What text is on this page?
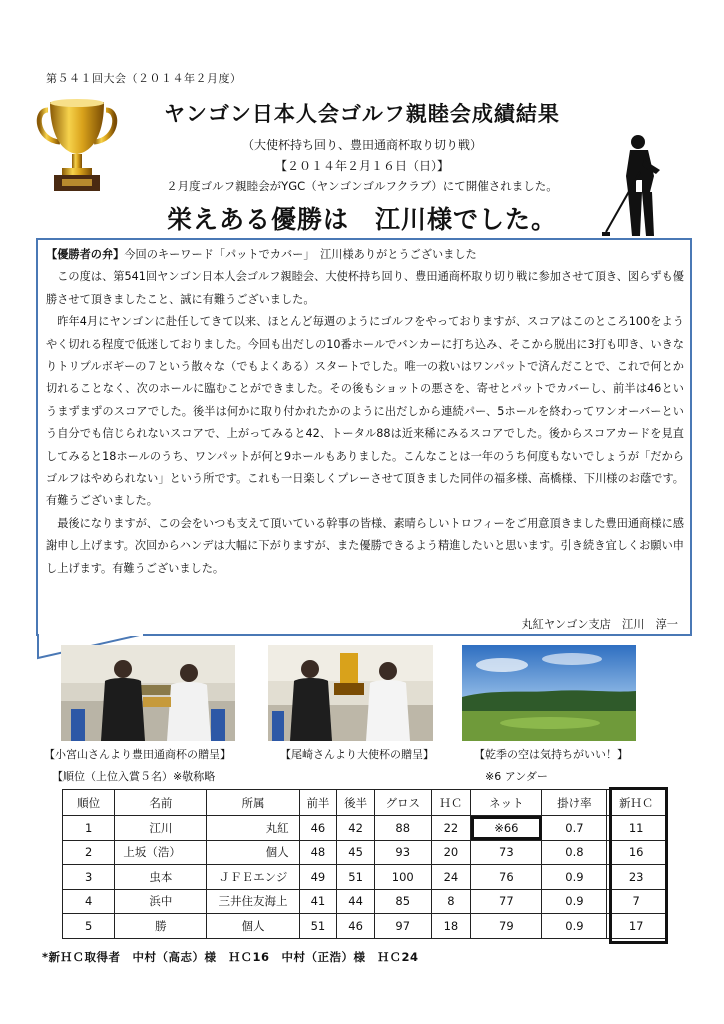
第５４１回大会（２０１４年２月度）
ヤンゴン日本人会ゴルフ親睦会成績結果
（大使杯持ち回り、豊田通商杯取り切り戦）
【２０１４年２月１６日（日）】
２月度ゴルフ親睦会がYGC（ヤンゴンゴルフクラブ）にて開催されました。
栄えある優勝は　江川様でした。

【優勝者の弁】今回のキーワード「パットでカバー」　江川様ありがとうございました

この度は、第541回ヤンゴン日本人会ゴルフ親睦会、大使杯持ち回り、豊田通商杯取り切り戦に参加させて頂き、図らずも優勝させて頂きましたこと、誠に有難うございました。

昨年4月にヤンゴンに赴任してきて以来、ほとんど毎週のようにゴルフをやっておりますが、スコアはこのところ100をようやく切れる程度で低迷しておりました。今回も出だしの10番ホールでバンカーに打ち込み、そこから脱出に3打も叩き、いきなりトリプルボギーの７という散々な（でもよくある）スタートでした。唯一の救いはワンパットで済んだことで、これで何とか切れることなく、次のホールに臨むことができました。その後もショットの悪さを、寄せとパットでカバーし、前半は46というまずまずのスコアでした。後半は何かに取り付かれたかのように出だしから連続パー、5ホールを終わってワンオーバーという自分でも信じられないスコアで、上がってみると42、トータル88は近来稀にみるスコアでした。後からスコアカードを見直してみると18ホールのうち、ワンパットが何と9ホールもありました。こんなことは一年のうち何度もないでしょうが「だからゴルフはやめられない」という所です。これも一日楽しくプレーさせて頂きました同伴の福多様、高橋様、下川様のお蔭です。有難うございました。

最後になりますが、この会をいつも支えて頂いている幹事の皆様、素晴らしいトロフィーをご用意頂きました豊田通商様に感謝申し上げます。次回からハンデは大幅に下がりますが、また優勝できるよう精進したいと思います。引き続き宜しくお願い申し上げます。有難うございました。

丸紅ヤンゴン支店　江川　淳一
【小宮山さんより豊田通商杯の贈呈】	【尾崎さんより大使杯の贈呈】	【乾季の空は気持ちがいい！】
【順位（上位入賞５名）※敬称略	※6 アンダー
順位	名前	所属	前半	後半	グロス	ＨＣ	ネット	掛け率	新ＨＣ
1	江川	丸紅	46	42	88	22	※66	0.7	11
2	上坂（浩）	個人	48	45	93	20	73	0.8	16
3	虫本	ＪＦＥエンジ	49	51	100	24	76	0.9	23
4	浜中	三井住友海上	41	44	85	8	77	0.9	7
5	勝	個人	51	46	97	18	79	0.9	17
*新ＨＣ取得者　中村（高志）様　ＨＣ16　中村（正浩）様　ＨＣ24
